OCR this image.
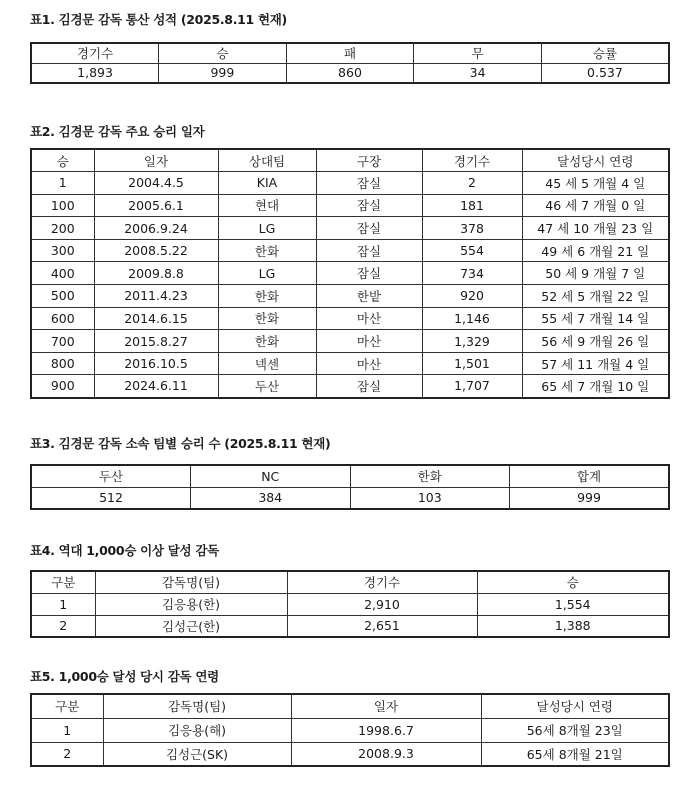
표1. 김경문 감독 통산 성적 (2025.8.11 현재)
경기수	승	패	무	승률
1,893	999	860	34	0.537
표2. 김경문 감독 주요 승리 일자
승	일자	상대팀	구장	경기수	달성당시 연령
1	2004.4.5	KIA	잠실	2	45 세 5 개월 4 일
100	2005.6.1	현대	잠실	181	46 세 7 개월 0 일
200	2006.9.24	LG	잠실	378	47 세 10 개월 23 일
300	2008.5.22	한화	잠실	554	49 세 6 개월 21 일
400	2009.8.8	LG	잠실	734	50 세 9 개월 7 일
500	2011.4.23	한화	한밭	920	52 세 5 개월 22 일
600	2014.6.15	한화	마산	1,146	55 세 7 개월 14 일
700	2015.8.27	한화	마산	1,329	56 세 9 개월 26 일
800	2016.10.5	넥센	마산	1,501	57 세 11 개월 4 일
900	2024.6.11	두산	잠실	1,707	65 세 7 개월 10 일
표3. 김경문 감독 소속 팀별 승리 수 (2025.8.11 현재)
두산	NC	한화	합계
512	384	103	999
표4. 역대 1,000승 이상 달성 감독
구분	감독명(팀)	경기수	승
1	김응용(한)	2,910	1,554
2	김성근(한)	2,651	1,388
표5. 1,000승 달성 당시 감독 연령
구분	감독명(팀)	일자	달성당시 연령
1	김응용(해)	1998.6.7	56세 8개월 23일
2	김성근(SK)	2008.9.3	65세 8개월 21일
